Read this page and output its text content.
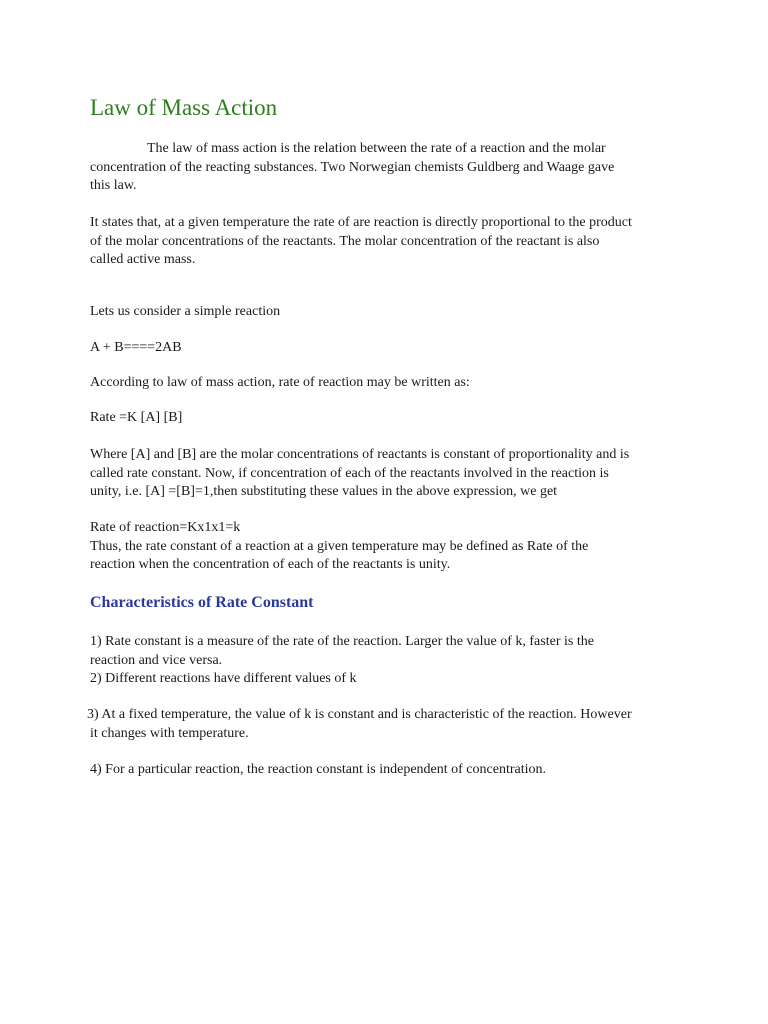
Law of Mass Action

The law of mass action is the relation between the rate of a reaction and the molar
concentration of the reacting substances. Two Norwegian chemists Guldberg and Waage gave
this law.

It states that, at a given temperature the rate of are reaction is directly proportional to the product
of the molar concentrations of the reactants. The molar concentration of the reactant is also
called active mass.

Lets us consider a simple reaction

A + B====2AB

According to law of mass action, rate of reaction may be written as:

Rate =K [A] [B]

Where [A] and [B] are the molar concentrations of reactants is constant of proportionality and is
called rate constant. Now, if concentration of each of the reactants involved in the reaction is
unity, i.e. [A] =[B]=1,then substituting these values in the above expression, we get

Rate of reaction=Kx1x1=k
Thus, the rate constant of a reaction at a given temperature may be defined as Rate of the
reaction when the concentration of each of the reactants is unity.

Characteristics of Rate Constant

1) Rate constant is a measure of the rate of the reaction. Larger the value of k, faster is the
reaction and vice versa.
2) Different reactions have different values of k

3) At a fixed temperature, the value of k is constant and is characteristic of the reaction. However
it changes with temperature.

4) For a particular reaction, the reaction constant is independent of concentration.
